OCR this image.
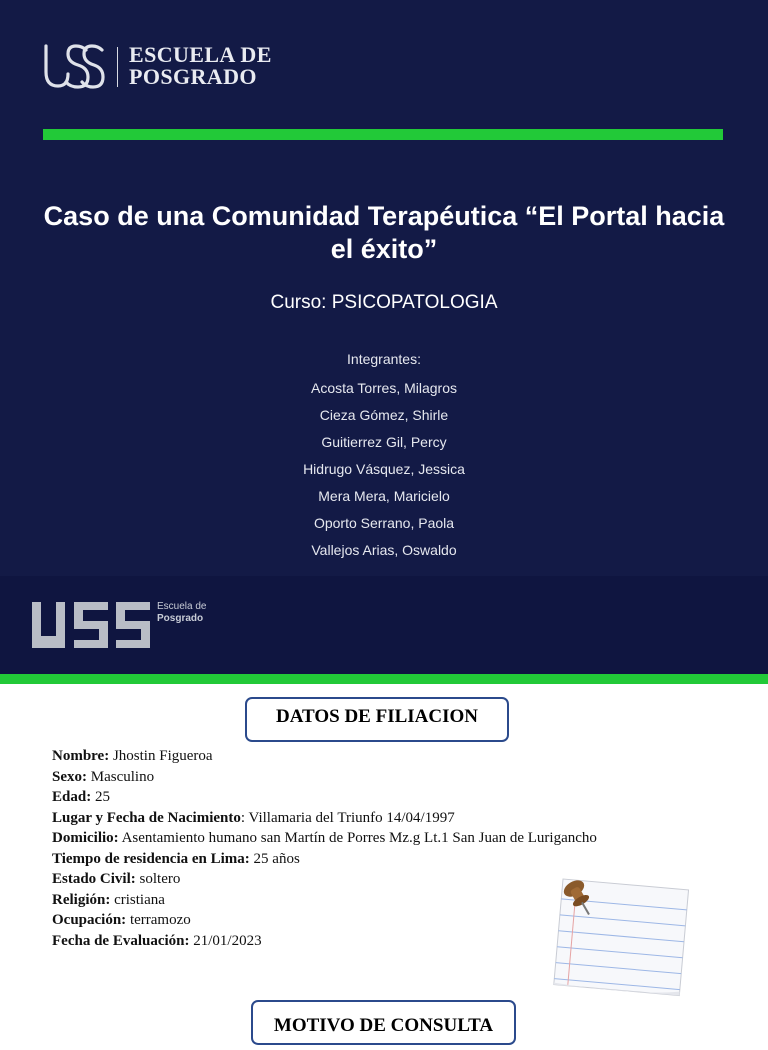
ESCUELA DE
POSGRADO
Caso de una Comunidad Terapéutica “El Portal hacia el éxito”
Curso: PSICOPATOLOGIA
Integrantes:
Acosta Torres, Milagros
Cieza Gómez, Shirle
Guitierrez Gil, Percy
Hidrugo Vásquez, Jessica
Mera Mera, Maricielo
Oporto Serrano, Paola
Vallejos Arias, Oswaldo
Escuela de
Posgrado
DATOS DE FILIACION
Nombre: Jhostin Figueroa
Sexo: Masculino
Edad: 25
Lugar y Fecha de Nacimiento: Villamaria del Triunfo 14/04/1997
Domicilio: Asentamiento humano san Martín de Porres Mz.g Lt.1 San Juan de Lurigancho
Tiempo de residencia en Lima: 25 años
Estado Civil: soltero
Religión: cristiana
Ocupación: terramozo
Fecha de Evaluación: 21/01/2023
MOTIVO DE CONSULTA
